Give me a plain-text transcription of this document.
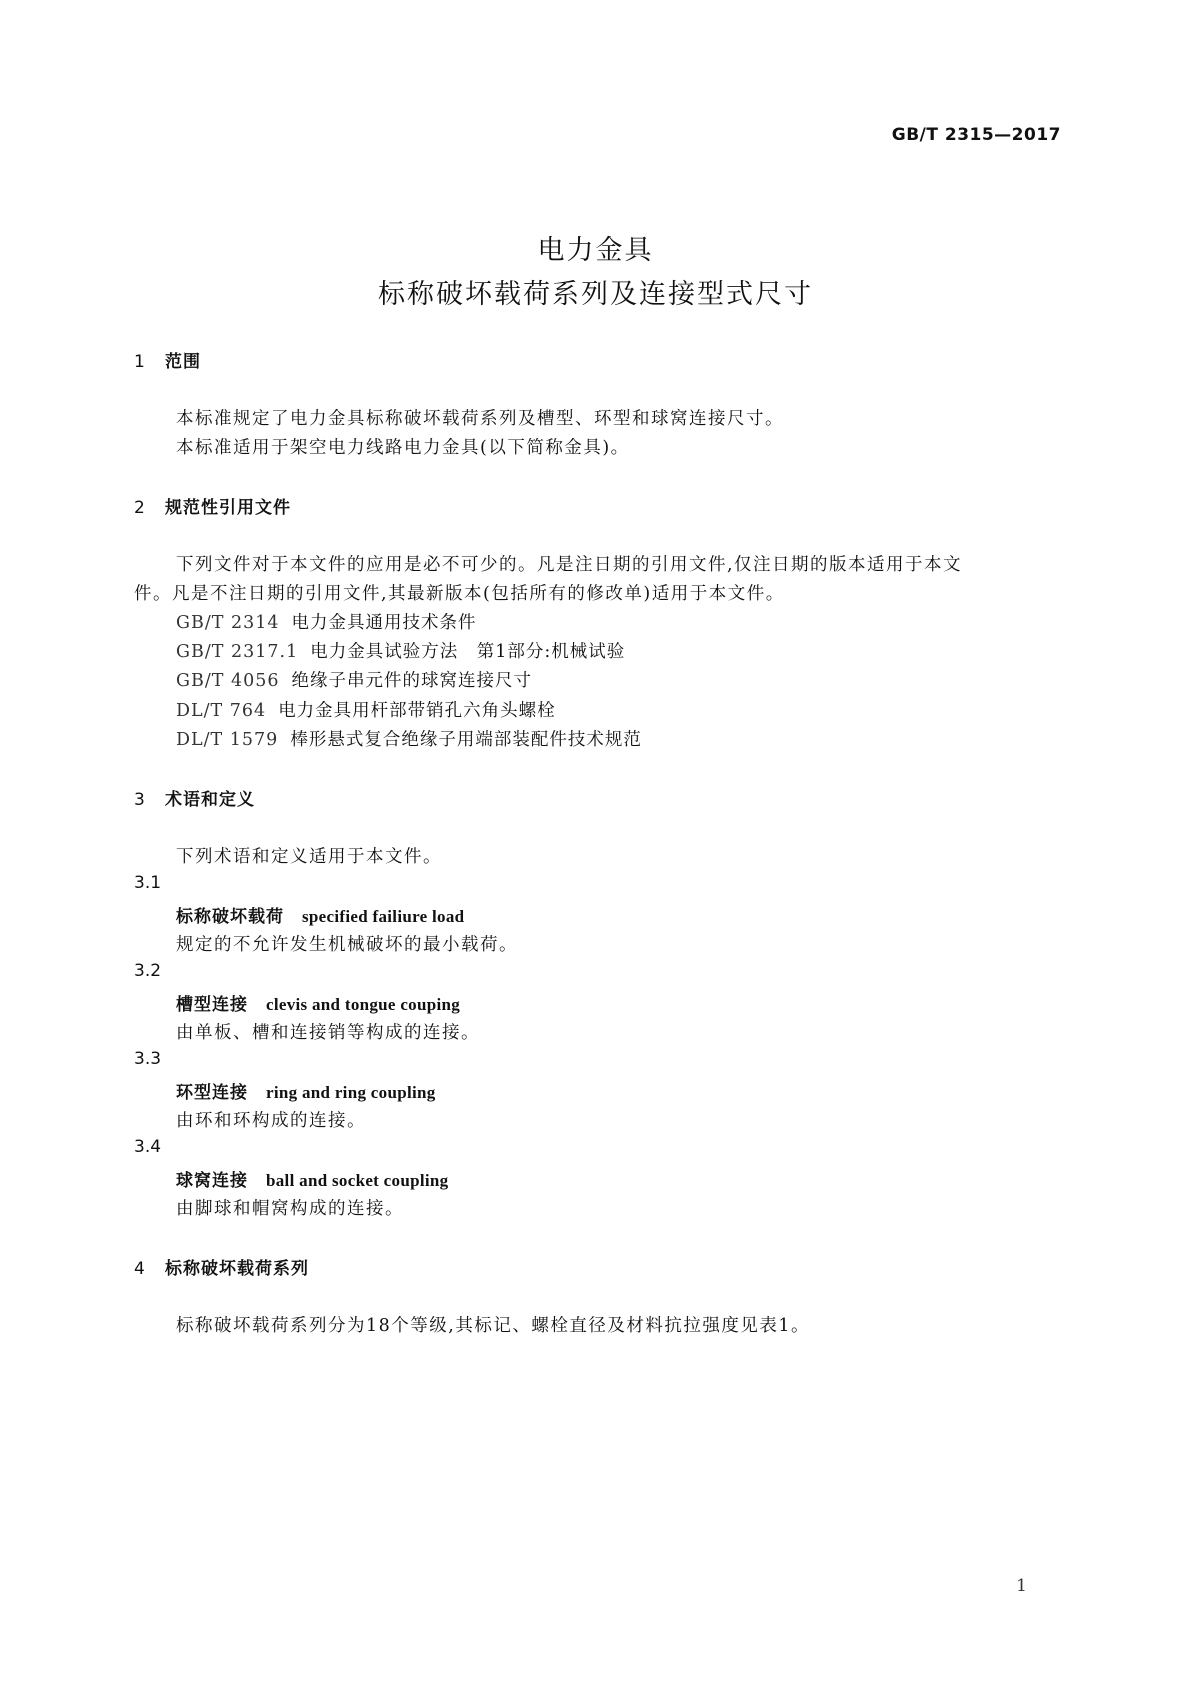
GB/T 2315—2017
电力金具
标称破坏载荷系列及连接型式尺寸
1 范围
本标准规定了电力金具标称破坏载荷系列及槽型、环型和球窝连接尺寸。
本标准适用于架空电力线路电力金具(以下简称金具)。
2 规范性引用文件
下列文件对于本文件的应用是必不可少的。凡是注日期的引用文件,仅注日期的版本适用于本文
件。凡是不注日期的引用文件,其最新版本(包括所有的修改单)适用于本文件。
GB/T 2314 电力金具通用技术条件
GB/T 2317.1 电力金具试验方法　第1部分:机械试验
GB/T 4056 绝缘子串元件的球窝连接尺寸
DL/T 764 电力金具用杆部带销孔六角头螺栓
DL/T 1579 棒形悬式复合绝缘子用端部装配件技术规范
3 术语和定义
下列术语和定义适用于本文件。
3.1
标称破坏载荷 specified failiure load
规定的不允许发生机械破坏的最小载荷。
3.2
槽型连接 clevis and tongue couping
由单板、槽和连接销等构成的连接。
3.3
环型连接 ring and ring coupling
由环和环构成的连接。
3.4
球窝连接 ball and socket coupling
由脚球和帽窝构成的连接。
4 标称破坏载荷系列
标称破坏载荷系列分为18个等级,其标记、螺栓直径及材料抗拉强度见表1。
1
